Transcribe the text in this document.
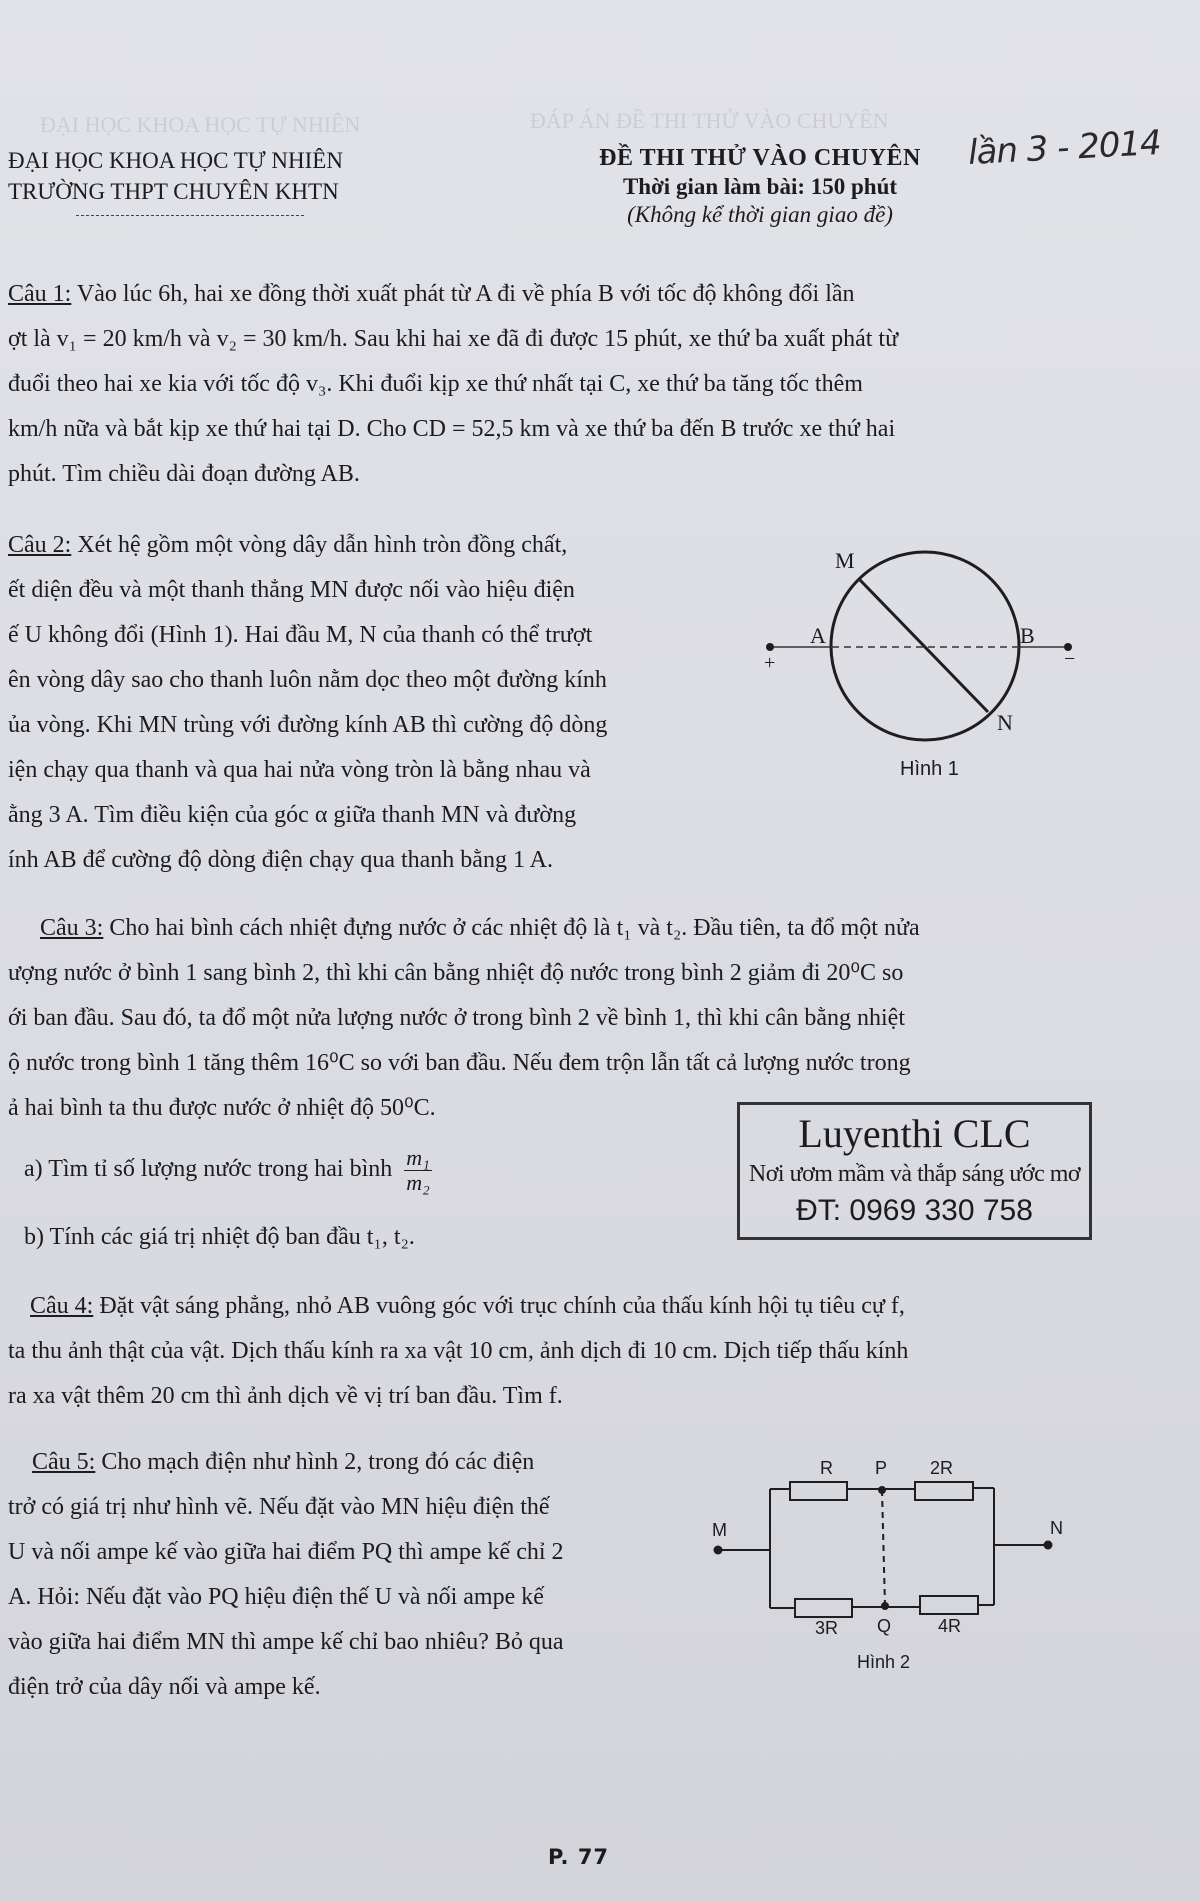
ĐẠI HỌC KHOA HỌC TỰ NHIÊN	ĐÁP ÁN ĐỀ THI THỬ VÀO CHUYÊN
ĐẠI HỌC KHOA HỌC TỰ NHIÊN
TRƯỜNG THPT CHUYÊN KHTN
ĐỀ THI THỬ VÀO CHUYÊN
Thời gian làm bài: 150 phút
(Không kể thời gian giao đề)
lần 3 - 2014
Câu 1: Vào lúc 6h, hai xe đồng thời xuất phát từ A đi về phía B với tốc độ không đổi lần
ợt là v₁ = 20 km/h và v₂ = 30 km/h. Sau khi hai xe đã đi được 15 phút, xe thứ ba xuất phát từ
đuổi theo hai xe kia với tốc độ v₃. Khi đuổi kịp xe thứ nhất tại C, xe thứ ba tăng tốc thêm
km/h nữa và bắt kịp xe thứ hai tại D. Cho CD = 52,5 km và xe thứ ba đến B trước xe thứ hai
phút. Tìm chiều dài đoạn đường AB.
Câu 2: Xét hệ gồm một vòng dây dẫn hình tròn đồng chất,
ết diện đều và một thanh thẳng MN được nối vào hiệu điện
ế U không đổi (Hình 1). Hai đầu M, N của thanh có thể trượt
ên vòng dây sao cho thanh luôn nằm dọc theo một đường kính
ủa vòng. Khi MN trùng với đường kính AB thì cường độ dòng
iện chạy qua thanh và qua hai nửa vòng tròn là bằng nhau và
ằng 3 A. Tìm điều kiện của góc α giữa thanh MN và đường
ính AB để cường độ dòng điện chạy qua thanh bằng 1 A.
M
A	B
N
+	−
Hình 1
Câu 3: Cho hai bình cách nhiệt đựng nước ở các nhiệt độ là t₁ và t₂. Đầu tiên, ta đổ một nửa
ượng nước ở bình 1 sang bình 2, thì khi cân bằng nhiệt độ nước trong bình 2 giảm đi 20⁰C so
ới ban đầu. Sau đó, ta đổ một nửa lượng nước ở trong bình 2 về bình 1, thì khi cân bằng nhiệt
ộ nước trong bình 1 tăng thêm 16⁰C so với ban đầu. Nếu đem trộn lẫn tất cả lượng nước trong
ả hai bình ta thu được nước ở nhiệt độ 50⁰C.
a) Tìm tỉ số lượng nước trong hai bình $\frac{\text{m₁}}{\text{m₂}}$
b) Tính các giá trị nhiệt độ ban đầu t₁, t₂.
Luyenthi CLC
Nơi ươm mầm và thắp sáng ước mơ
ĐT: 0969 330 758
Câu 4: Đặt vật sáng phẳng, nhỏ AB vuông góc với trục chính của thấu kính hội tụ tiêu cự f,
ta thu ảnh thật của vật. Dịch thấu kính ra xa vật 10 cm, ảnh dịch đi 10 cm. Dịch tiếp thấu kính
ra xa vật thêm 20 cm thì ảnh dịch về vị trí ban đầu. Tìm f.
Câu 5: Cho mạch điện như hình 2, trong đó các điện
trở có giá trị như hình vẽ. Nếu đặt vào MN hiệu điện thế
U và nối ampe kế vào giữa hai điểm PQ thì ampe kế chỉ 2
A. Hỏi: Nếu đặt vào PQ hiệu điện thế U và nối ampe kế
vào giữa hai điểm MN thì ampe kế chỉ bao nhiêu? Bỏ qua
điện trở của dây nối và ampe kế.
R P 2R
M	N
3R Q	4R
Hình 2
P. 77
